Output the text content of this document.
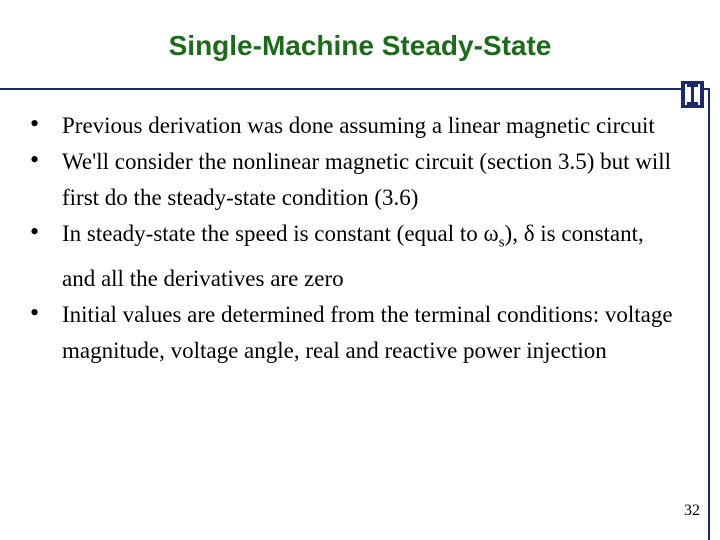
Single-Machine Steady-State
• Previous derivation was done assuming a linear magnetic circuit
• We'll consider the nonlinear magnetic circuit (section 3.5) but will first do the steady-state condition (3.6)
• In steady-state the speed is constant (equal to $\omega_s$), δ is constant, and all the derivatives are zero
• Initial values are determined from the terminal conditions: voltage magnitude, voltage angle, real and reactive power injection
32
